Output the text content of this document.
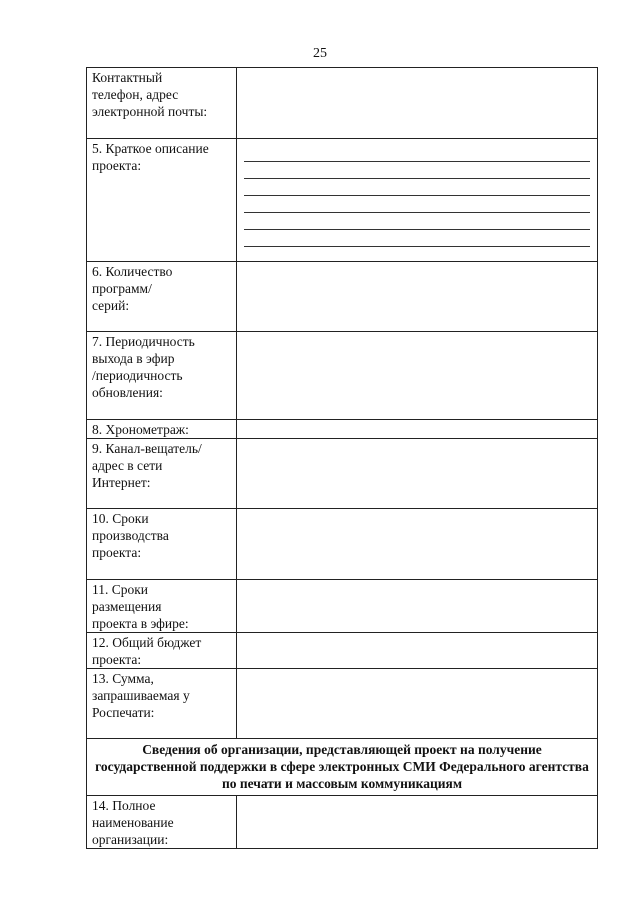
25
Контактный
телефон, адрес
электронной почты:	

5. Краткое описание
проекта:	

6. Количество
программ/
серий:	

7. Периодичность
выхода в эфир
/периодичность
обновления:	

8. Хронометраж:	

9. Канал-вещатель/
адрес в сети
Интернет:	

10. Сроки
производства
проекта:	

11. Сроки
размещения
проекта в эфире:	

12. Общий бюджет
проекта:	

13. Сумма,
запрашиваемая у
Роспечати:	

Сведения об организации, представляющей проект на получение государственной поддержки в сфере электронных СМИ Федерального агентства по печати и массовым коммуникациям	

14. Полное
наименование
организации:	
